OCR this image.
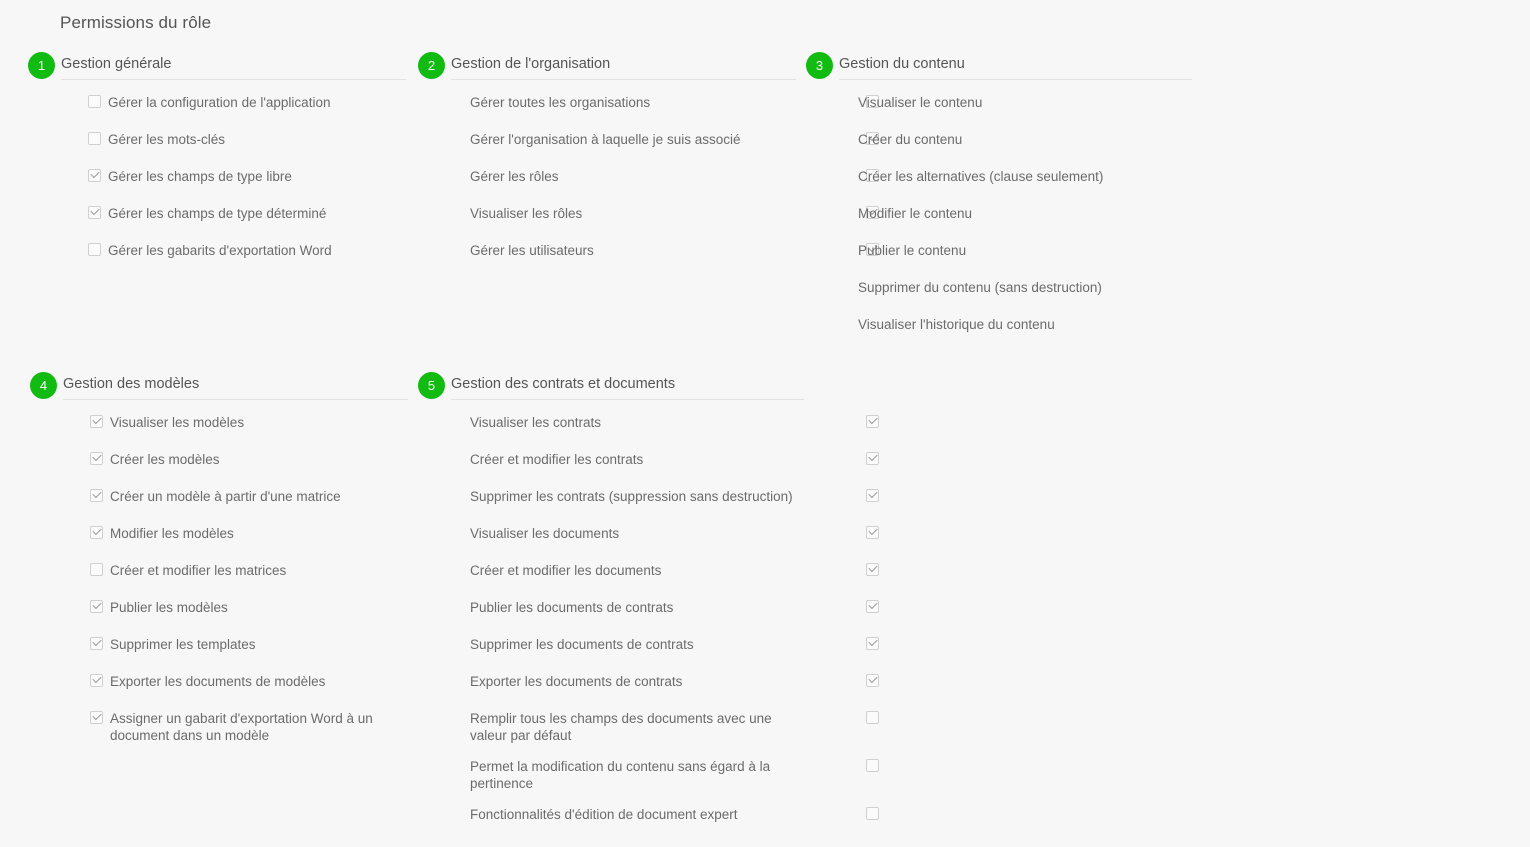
Permissions du rôle
1	Gestion générale
Gérer la configuration de l'application
Gérer les mots-clés
Gérer les champs de type libre
Gérer les champs de type déterminé
Gérer les gabarits d'exportation Word
2	Gestion de l'organisation
Gérer toutes les organisations
Gérer l'organisation à laquelle je suis associé
Gérer les rôles
Visualiser les rôles
Gérer les utilisateurs
3	Gestion du contenu
Visualiser le contenu
Créer du contenu
Créer les alternatives (clause seulement)
Modifier le contenu
Publier le contenu
Supprimer du contenu (sans destruction)
Visualiser l'historique du contenu
4	Gestion des modèles
Visualiser les modèles
Créer les modèles
Créer un modèle à partir d'une matrice
Modifier les modèles
Créer et modifier les matrices
Publier les modèles
Supprimer les templates
Exporter les documents de modèles
Assigner un gabarit d'exportation Word à un document dans un modèle
5	Gestion des contrats et documents
Visualiser les contrats
Créer et modifier les contrats
Supprimer les contrats (suppression sans destruction)
Visualiser les documents
Créer et modifier les documents
Publier les documents de contrats
Supprimer les documents de contrats
Exporter les documents de contrats
Remplir tous les champs des documents avec une valeur par défaut
Permet la modification du contenu sans égard à la pertinence
Fonctionnalités d'édition de document expert
